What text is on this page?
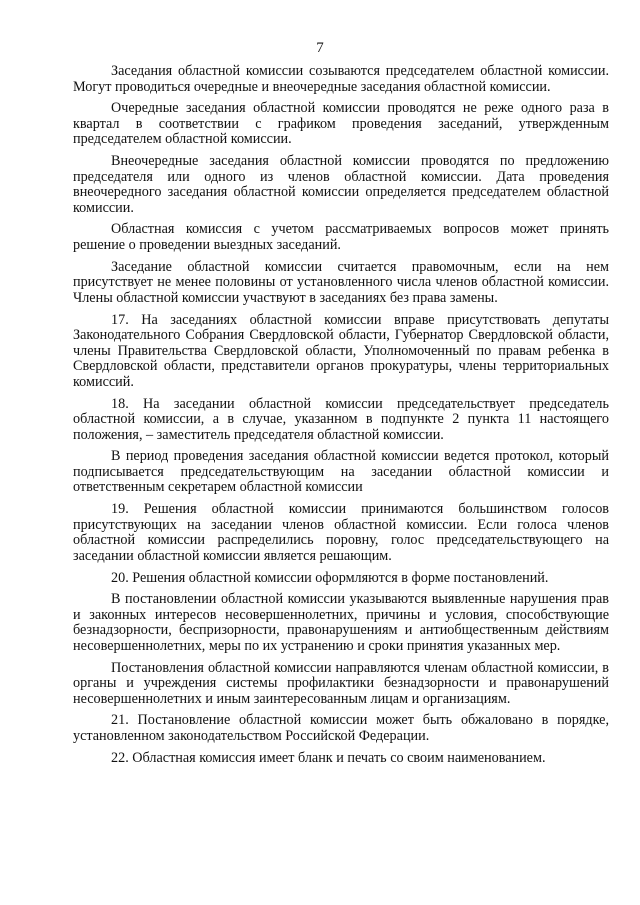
7

Заседания областной комиссии созываются председателем областной комиссии. Могут проводиться очередные и внеочередные заседания областной комиссии.

Очередные заседания областной комиссии проводятся не реже одного раза в квартал в соответствии с графиком проведения заседаний, утвержденным председателем областной комиссии.

Внеочередные заседания областной комиссии проводятся по предложению председателя или одного из членов областной комиссии. Дата проведения внеочередного заседания областной комиссии определяется председателем областной комиссии.

Областная комиссия с учетом рассматриваемых вопросов может принять решение о проведении выездных заседаний.

Заседание областной комиссии считается правомочным, если на нем присутствует не менее половины от установленного числа членов областной комиссии. Члены областной комиссии участвуют в заседаниях без права замены.

17. На заседаниях областной комиссии вправе присутствовать депутаты Законодательного Собрания Свердловской области, Губернатор Свердловской области, члены Правительства Свердловской области, Уполномоченный по правам ребенка в Свердловской области, представители органов прокуратуры, члены территориальных комиссий.

18. На заседании областной комиссии председательствует председатель областной комиссии, а в случае, указанном в подпункте 2 пункта 11 настоящего положения, – заместитель председателя областной комиссии.

В период проведения заседания областной комиссии ведется протокол, который подписывается председательствующим на заседании областной комиссии и ответственным секретарем областной комиссии

19. Решения областной комиссии принимаются большинством голосов присутствующих на заседании членов областной комиссии. Если голоса членов областной комиссии распределились поровну, голос председательствующего на заседании областной комиссии является решающим.

20. Решения областной комиссии оформляются в форме постановлений.

В постановлении областной комиссии указываются выявленные нарушения прав и законных интересов несовершеннолетних, причины и условия, способствующие безнадзорности, беспризорности, правонарушениям и антиобщественным действиям несовершеннолетних, меры по их устранению и сроки принятия указанных мер.

Постановления областной комиссии направляются членам областной комиссии, в органы и учреждения системы профилактики безнадзорности и правонарушений несовершеннолетних и иным заинтересованным лицам и организациям.

21. Постановление областной комиссии может быть обжаловано в порядке, установленном законодательством Российской Федерации.

22. Областная комиссия имеет бланк и печать со своим наименованием.
